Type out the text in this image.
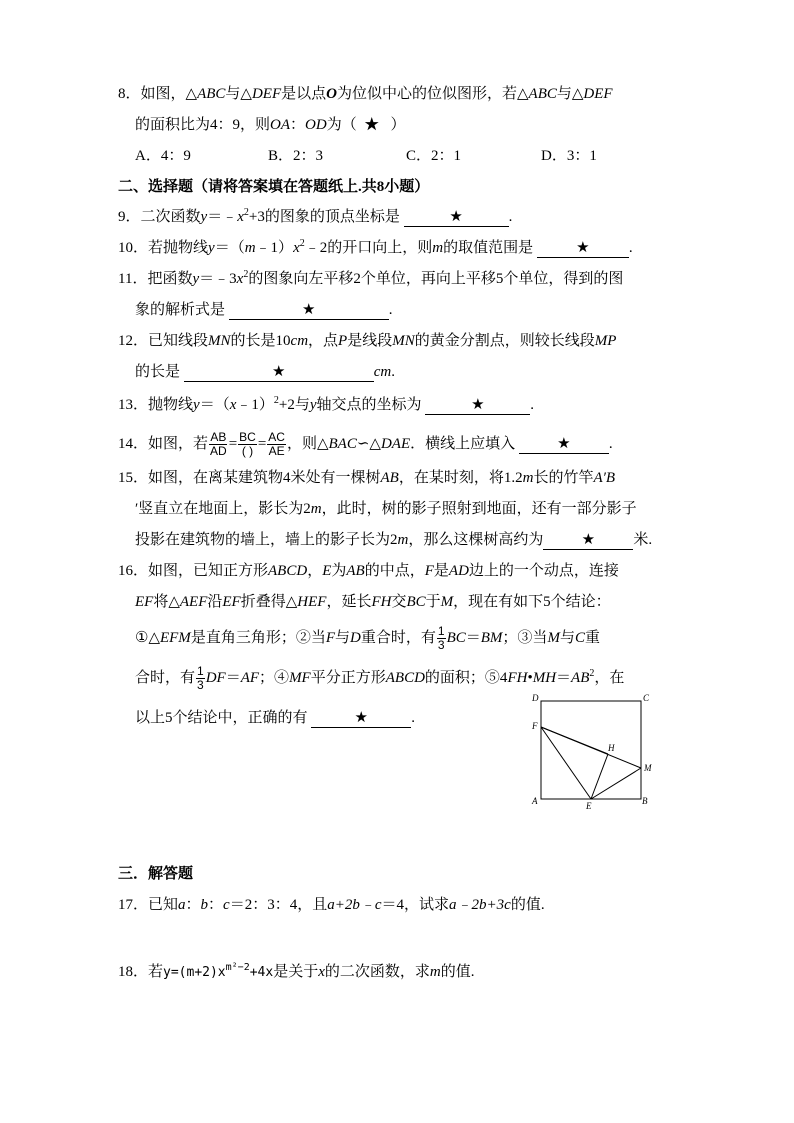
8．如图，△ABC与△DEF是以点O为位似中心的位似图形，若△ABC与△DEF
的面积比为4：9，则OA：OD为（ ★ ）
A．4：9	B．2：3	C．2：1	D．3：1
二、选择题（请将答案填在答题纸上.共8小题）
9．二次函数$y=﹣x^2+3$的图象的顶点坐标是	★	.
10．若抛物线$y=(m﹣1)x^2﹣2$的开口向上，则m的取值范围是	★	.
11．把函数$y=﹣3x^2$的图象向左平移2个单位，再向上平移5个单位，得到的图
象的解析式是	★	.
12．已知线段MN的长是10cm，点P是线段MN的黄金分割点，则较长线段MP
的长是	★	cm.
13．抛物线y＝（x﹣1）$^2$+2与y轴交点的坐标为	★	.
14．如图，若 $\frac{AB}{AD} = \frac{BC}{( )} = \frac{AC}{AE}$ ，则△BAC∽△DAE．横线上应填入	★	.
15．如图，在离某建筑物4米处有一棵树AB，在某时刻，将1.2m长的竹竿A′B
′竖直立在地面上，影长为2m，此时，树的影子照射到地面，还有一部分影子
投影在建筑物的墙上，墙上的影子长为2m，那么这棵树高约为	★	米.
16．如图，已知正方形ABCD，E为AB的中点，F是AD边上的一个动点，连接
EF将△AEF沿EF折叠得△HEF，延长FH交BC于M，现在有如下5个结论：
①△EFM是直角三角形；②当F与D重合时，有 $\frac{1}{3} BC=BM$；③当M与C重
合时，有 $\frac{1}{3} DF=AF$；④MF平分正方形ABCD的面积；$⑤4FH•MH=AB^2$，在
以上5个结论中，正确的有	★	.
D	C
F
H
M
A	E	B
三．解答题
17．已知a：b：c＝2：3：4，且a+2b﹣c＝4，试求a﹣2b+3c的值.
18．若$y=(m+2)x^{m^2-2}+4x$是关于x的二次函数，求m的值.
